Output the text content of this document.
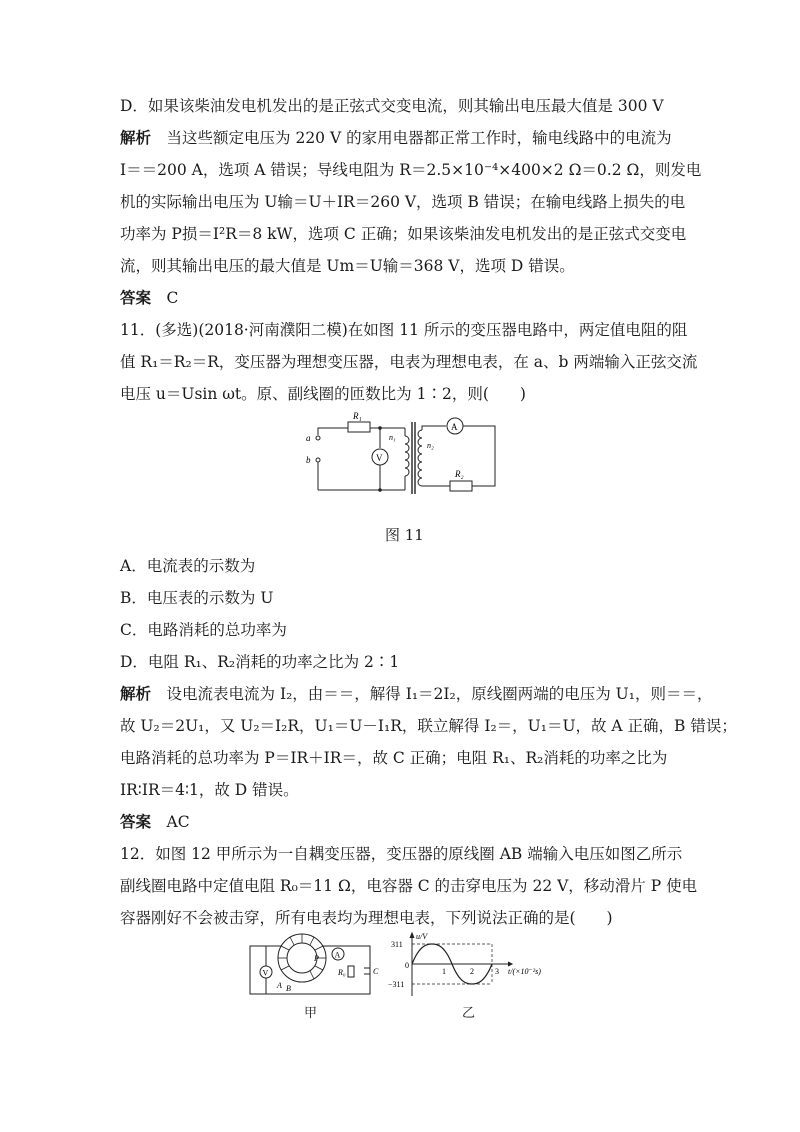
D．如果该柴油发电机发出的是正弦式交变电流，则其输出电压最大值是 300 V
解析　 当这些额定电压为 220 V 的家用电器都正常工作时，输电线路中的电流为
I＝＝200 A，选项 A 错误；导线电阻为 R＝2.5×10⁻⁴×400×2 Ω＝0.2 Ω，则发电
机的实际输出电压为 U输＝U＋IR＝260 V，选项 B 错误；在输电线路上损失的电
功率为 P损＝I²R＝8 kW，选项 C 正确；如果该柴油发电机发出的是正弦式交变电
流，则其输出电压的最大值是 Um＝U输＝368 V，选项 D 错误。
答案　 C
11．(多选)(2018·河南濮阳二模)在如图 11 所示的变压器电路中，两定值电阻的阻
值 R₁＝R₂＝R，变压器为理想变压器，电表为理想电表，在 a、b 两端输入正弦交流
电压 u＝Usin ωt。原、副线圈的匝数比为 1∶2，则(　　)
R₁
a
b	V
n₁
n₂
A
R₂
图 11
A．电流表的示数为
B．电压表的示数为 U
C．电路消耗的总功率为
D．电阻 R₁、R₂消耗的功率之比为 2∶1
解析　 设电流表电流为 I₂，由＝＝，解得 I₁＝2I₂，原线圈两端的电压为 U₁，则＝＝，
故 U₂＝2U₁，又 U₂＝I₂R，U₁＝U－I₁R，联立解得 I₂＝，U₁＝U，故 A 正确，B 错误；
电路消耗的总功率为 P＝IR＋IR＝，故 C 正确；电阻 R₁、R₂消耗的功率之比为
IR∶IR＝4∶1，故 D 错误。
答案　 AC
12．如图 12 甲所示为一自耦变压器，变压器的原线圈 AB 端输入电压如图乙所示
副线圈电路中定值电阻 R₀＝11 Ω，电容器 C 的击穿电压为 22 V，移动滑片 P 使电
容器刚好不会被击穿，所有电表均为理想电表，下列说法正确的是(　　)
V
A
P
A B
R₀	C
甲
u/V
311
−311
0
1	2	3 t/(×10⁻²s)
乙
